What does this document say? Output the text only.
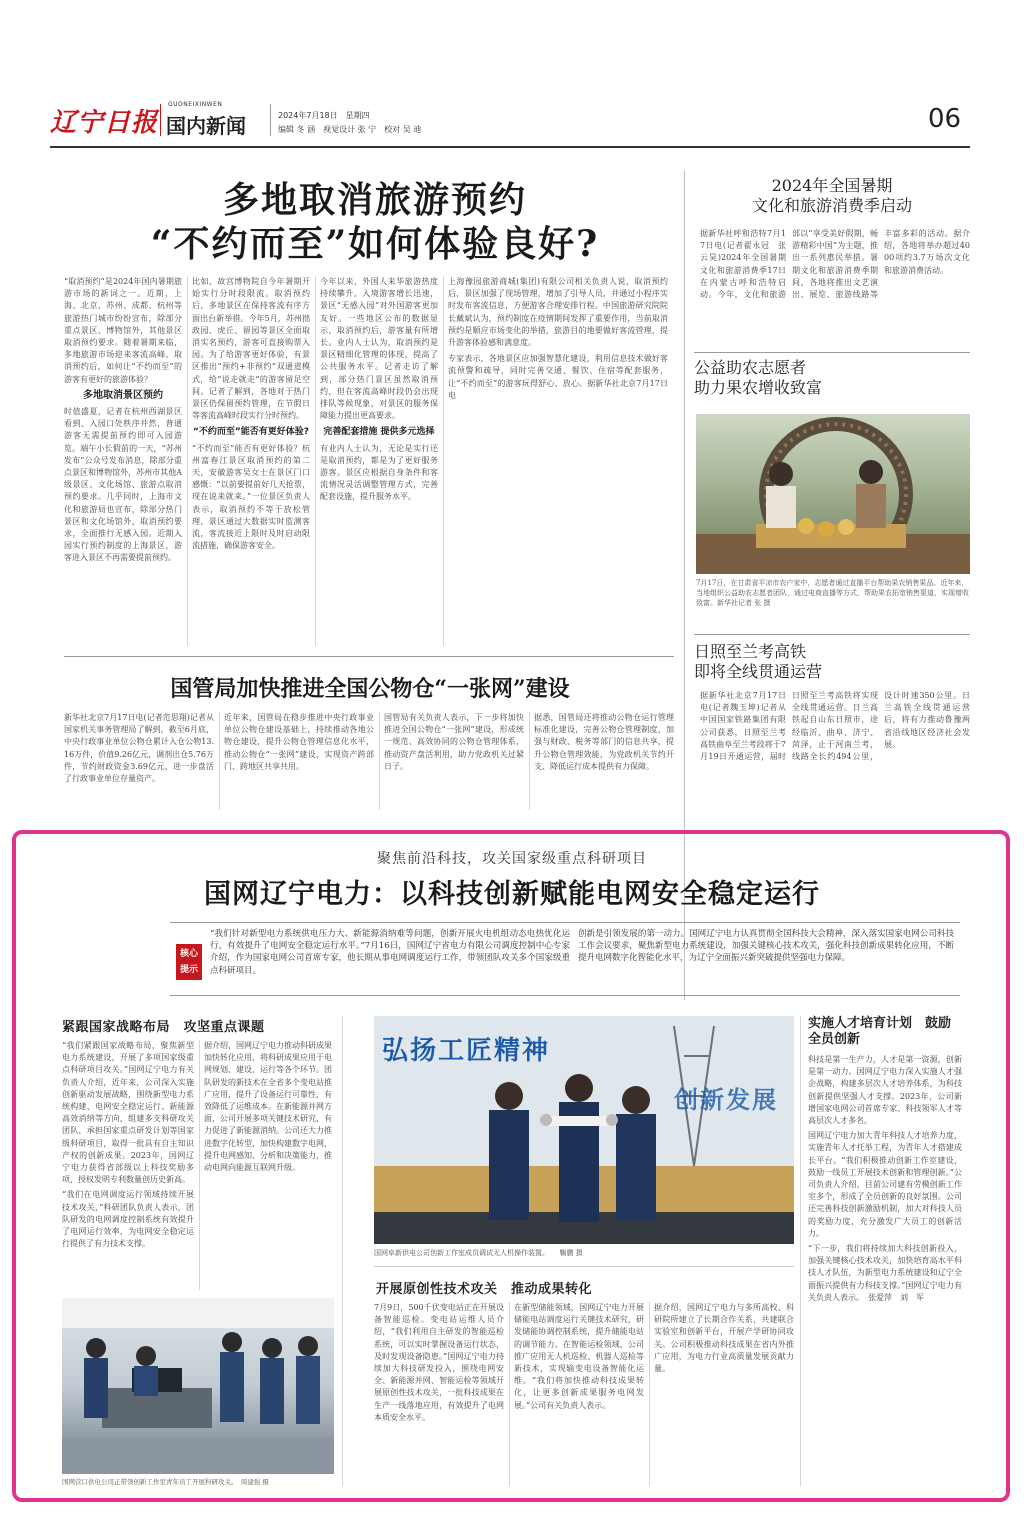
辽宁日报
GUONEIXINWEN
国内新闻	2024年7月18日　星期四
编辑 冬 涵　视觉设计 张 宁　校对 吴 迪	06
多地取消旅游预约
“不约而至”如何体验良好?

“取消预约”是2024年国内暑期旅游市场的新词之一。近期，上海、北京、苏州、成都、杭州等旅游热门城市纷纷宣布，除部分重点景区、博物馆外，其他景区取消预约要求。随着暑期来临，多地旅游市场迎来客流高峰。取消预约后，如何让“不约而至”的游客有更好的旅游体验？

多地取消景区预约

时值盛夏，记者在杭州西湖景区看到，入园口处秩序井然，普通游客无需提前预约即可入园游览。端午小长假前的一天，“苏州发布”公众号发布消息，除部分重点景区和博物馆外，苏州市其他A级景区、文化场馆、旅游点取消预约要求。几乎同时，上海市文化和旅游局也宣布，除部分热门景区和文化场馆外，取消预约要求，全面推行无感入园。近期入园实行预约制度的上海景区，游客进入景区不再需要提前预约。

比如，故宫博物院自今年暑期开始实行分时段限流。取消预约后，多地景区在保持客流有序方面出台新举措。今年5月，苏州拙政园、虎丘、留园等景区全面取消实名预约，游客可直接购票入园。为了给游客更好体验，有景区推出“预约+非预约”双通道模式，给“说走就走”的游客留足空间。记者了解到，各地对于热门景区仍保留预约管理，在节假日等客流高峰时段实行分时预约。

“不约而至”能否有更好体验?

“不约而至”能否有更好体验？杭州富春江景区取消预约的第二天，安徽游客吴女士在景区门口感慨：“以前要提前好几天抢票，现在说来就来。”一位景区负责人表示，取消预约不等于放松管理，景区通过大数据实时监测客流，客流接近上限时及时启动限流措施，确保游客安全。

今年以来，外国人来华旅游热度持续攀升。入境游客增长迅速，景区“无感入园”对外国游客更加友好。一些地区公布的数据显示，取消预约后，游客量有所增长。业内人士认为，取消预约是景区精细化管理的体现，提高了公共服务水平。记者走访了解到，部分热门景区虽然取消预约，但在客流高峰时段仍会出现排队等候现象，对景区的服务保障能力提出更高要求。

完善配套措施 提供多元选择

有业内人士认为，无论是实行还是取消预约，都是为了更好服务游客。景区应根据自身条件和客流情况灵活调整管理方式，完善配套设施，提升服务水平。

上海豫园旅游商城(集团)有限公司相关负责人说，取消预约后，景区加强了现场管理，增加了引导人员，并通过小程序实时发布客流信息，方便游客合理安排行程。中国旅游研究院院长戴斌认为，预约制度在疫情期间发挥了重要作用，当前取消预约是顺应市场变化的举措，旅游目的地要做好客流管理，提升游客体验感和满意度。

专家表示，各地景区应加强智慧化建设，利用信息技术做好客流预警和疏导，同时完善交通、餐饮、住宿等配套服务，让“不约而至”的游客玩得舒心、放心。据新华社北京7月17日电

2024年全国暑期
文化和旅游消费季启动
据新华社呼和浩特7月17日电(记者翟永冠　张云昊)2024年全国暑期文化和旅游消费季17日在内蒙古呼和浩特启动。今年，文化和旅游部以“享受美好假期，畅游精彩中国”为主题，推出一系列惠民举措。暑期文化和旅游消费季期间，各地将推出文艺演出、展览、旅游线路等丰富多彩的活动。据介绍，各地将举办超过4000项约3.7万场次文化和旅游消费活动。
公益助农志愿者
助力果农增收致富
7月17日，在甘肃省平凉市农户家中，志愿者通过直播平台帮助果农销售果品。近年来，当地组织公益助农志愿者团队，通过电商直播等方式，帮助果农拓宽销售渠道，实现增收致富。新华社记者 张 摄
日照至兰考高铁
即将全线贯通运营
据新华社北京7月17日电(记者魏玉坤)记者从中国国家铁路集团有限公司获悉，日照至兰考高铁曲阜至兰考段将于7月19日开通运营，届时日照至兰考高铁将实现全线贯通运营。日兰高铁起自山东日照市，途经临沂、曲阜、济宁、菏泽，止于河南兰考，线路全长约494公里，设计时速350公里。日兰高铁全线贯通运营后，将有力推动鲁豫两省沿线地区经济社会发展。
国管局加快推进全国公物仓“一张网”建设
新华社北京7月17日电(记者范思翔)记者从国家机关事务管理局了解到，截至6月底，中央行政事业单位公物仓累计入仓公物13.16万件，价值9.26亿元，调剂出仓5.76万件，节约财政资金3.69亿元，进一步盘活了行政事业单位存量资产。
近年来，国管局在稳步推进中央行政事业单位公物仓建设基础上，持续推动各地公物仓建设，提升公物仓管理信息化水平，推动公物仓“一张网”建设，实现资产跨部门、跨地区共享共用。
国管局有关负责人表示，下一步将加快推进全国公物仓“一张网”建设，形成统一规范、高效协同的公物仓管理体系，推动资产盘活利用，助力党政机关过紧日子。
据悉，国管局还将推动公物仓运行管理标准化建设，完善公物仓管理制度，加强与财政、税务等部门的信息共享，提升公物仓管理效能，为党政机关节约开支、降低运行成本提供有力保障。
聚焦前沿科技，攻关国家级重点科研项目
国网辽宁电力：以科技创新赋能电网安全稳定运行
核心
提示
“我们针对新型电力系统供电压力大、新能源消纳难等问题，创新开展火电机组动态电热优化运行，有效提升了电网安全稳定运行水平。”7月16日，国网辽宁省电力有限公司调度控制中心专家介绍，作为国家电网公司首席专家，他长期从事电网调度运行工作，带领团队攻关多个国家级重点科研项目。
创新是引领发展的第一动力。国网辽宁电力认真贯彻全国科技大会精神，深入落实国家电网公司科技工作会议要求，聚焦新型电力系统建设，加强关键核心技术攻关，强化科技创新成果转化应用，不断提升电网数字化智能化水平，为辽宁全面振兴新突破提供坚强电力保障。
紧跟国家战略布局　攻坚重点课题

“我们紧跟国家战略布局，聚焦新型电力系统建设，开展了多项国家级重点科研项目攻关。”国网辽宁电力有关负责人介绍，近年来，公司深入实施创新驱动发展战略，围绕新型电力系统构建、电网安全稳定运行、新能源高效消纳等方向，组建多支科研攻关团队，承担国家重点研发计划等国家级科研项目，取得一批具有自主知识产权的创新成果。2023年，国网辽宁电力获得省部级以上科技奖励多项，授权发明专利数量创历史新高。

“我们在电网调度运行领域持续开展技术攻关，”科研团队负责人表示，团队研发的电网调度控制系统有效提升了电网运行效率，为电网安全稳定运行提供了有力技术支撑。

据介绍，国网辽宁电力推动科研成果加快转化应用，将科研成果应用于电网规划、建设、运行等各个环节。团队研发的新技术在全省多个变电站推广应用，提升了设备运行可靠性，有效降低了运维成本。在新能源并网方面，公司开展多项关键技术研究，有力促进了新能源消纳。公司还大力推进数字化转型，加快构建数字电网，提升电网感知、分析和决策能力，推动电网向能源互联网升级。
国网营口供电公司正带领创新工作室青年员工开展科研攻关。　周建强 摄
弘扬工匠精神
创新发展
国网阜新供电公司创新工作室成员调试无人机操作装置。　　鞠鹏 摄
开展原创性技术攻关　推动成果转化
7月9日，500千伏变电站正在开展设备智能巡检。变电站运维人员介绍，“我们利用自主研发的智能巡检系统，可以实时掌握设备运行状态，及时发现设备隐患。”国网辽宁电力持续加大科技研发投入，围绕电网安全、新能源并网、智能运检等领域开展原创性技术攻关，一批科技成果在生产一线落地应用，有效提升了电网本质安全水平。
在新型储能领域，国网辽宁电力开展储能电站调度运行关键技术研究，研发储能协调控制系统，提升储能电站的调节能力。在智能运检领域，公司推广应用无人机巡检、机器人巡检等新技术，实现输变电设备智能化运维。“我们将加快推动科技成果转化，让更多创新成果服务电网发展。”公司有关负责人表示。
据介绍，国网辽宁电力与多所高校、科研院所建立了长期合作关系，共建联合实验室和创新平台，开展产学研协同攻关。公司积极推动科技成果在省内外推广应用，为电力行业高质量发展贡献力量。
实施人才培育计划　鼓励全员创新

科技是第一生产力，人才是第一资源，创新是第一动力。国网辽宁电力深入实施人才强企战略，构建多层次人才培养体系，为科技创新提供坚强人才支撑。2023年，公司新增国家电网公司首席专家、科技领军人才等高层次人才多名。

国网辽宁电力加大青年科技人才培养力度，实施青年人才托举工程，为青年人才搭建成长平台。“我们积极推动创新工作室建设，鼓励一线员工开展技术创新和管理创新。”公司负责人介绍，目前公司建有劳模创新工作室多个，形成了全员创新的良好氛围。公司还完善科技创新激励机制，加大对科技人员的奖励力度，充分激发广大员工的创新活力。

“下一步，我们将持续加大科技创新投入，加强关键核心技术攻关，加快培育高水平科技人才队伍，为新型电力系统建设和辽宁全面振兴提供有力科技支撑。”国网辽宁电力有关负责人表示。　张爱萍　刘　军
